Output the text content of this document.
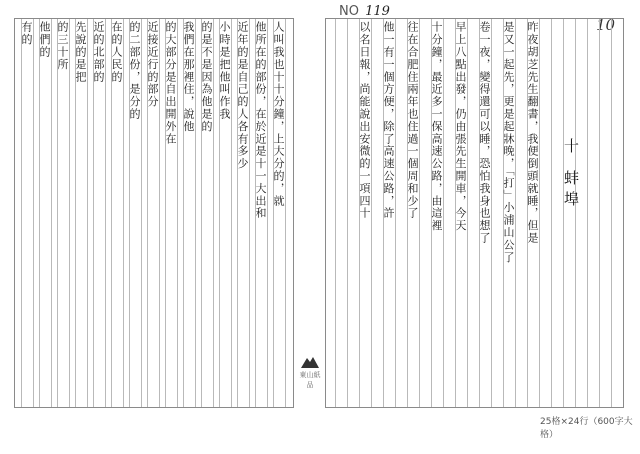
NO 119
10
昨夜胡芝先生翻書，我便倒頭就睡，但是
是又一起先，更是起牀晚，「打」小浦山公了
卷一夜，變得還可以睡，恐怕我身也想了
早上八點出發，仍由張先生開車，今天
十分鐘，最近多一保高速公路，由這裡
往在合肥住兩年也住過一個周和少了
他一有一個方便，除了高速公路，許
以名日報，尚能說出安微的一項四十	十 蚌埠
人叫我也十十分鐘，上大分的，就
他所在的部份，在於近是十一大出和
近年的是自己的人各有多少
小時是把他叫作我
的是不是因為他是的
我們在那裡住，說他
的大部分是自出開外在
近接近行的部分
的二部份，是分的
在的人民的
近的北部的
先說的是把
的三十所
他們的
有的
東山紙品
25格×24行（600字大格）
